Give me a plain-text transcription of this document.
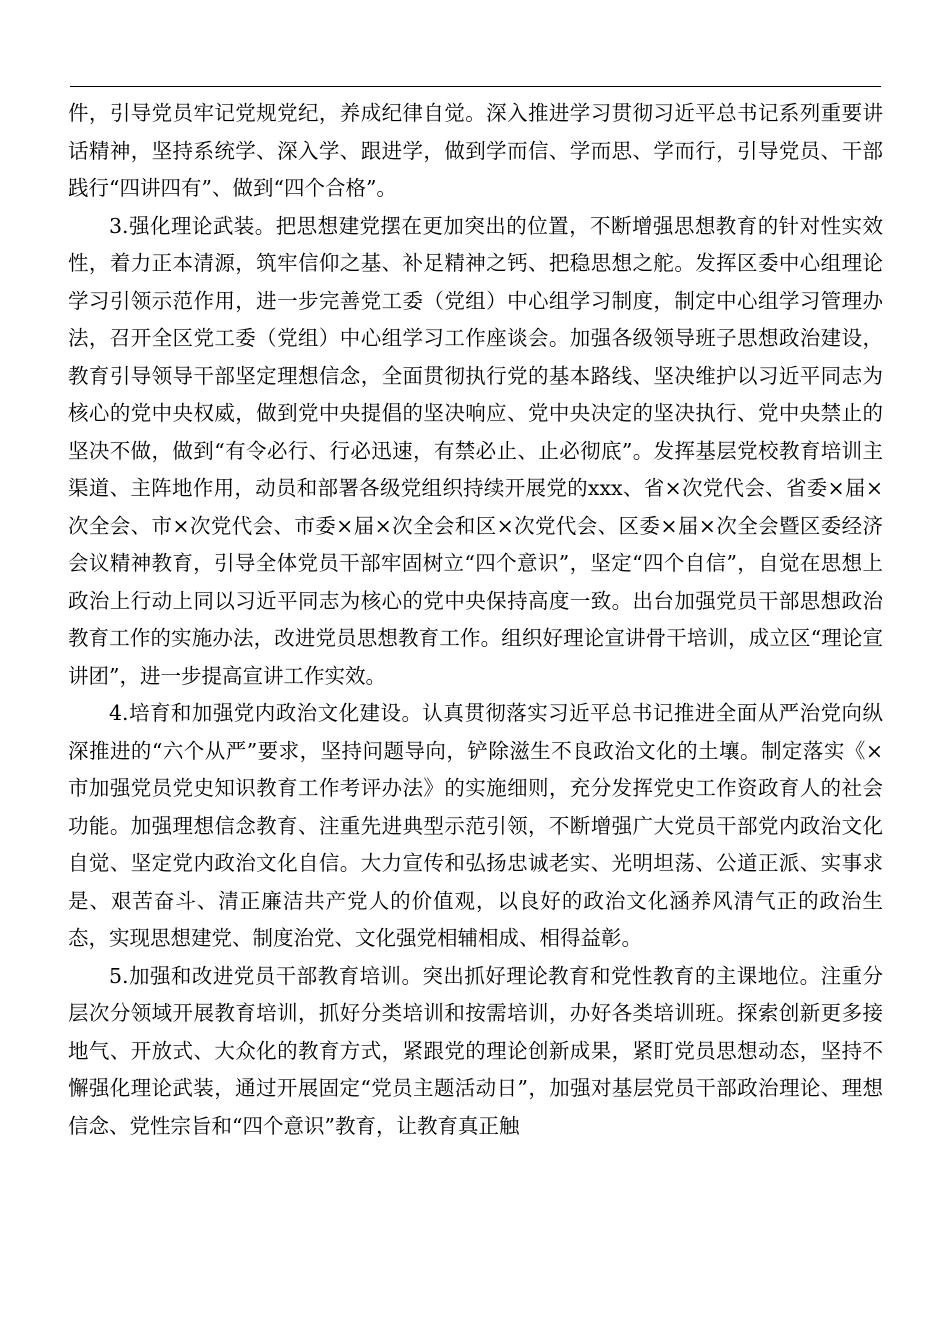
件，引导党员牢记党规党纪，养成纪律自觉。深入推进学习贯彻习近平总书记系列重要讲话精神，坚持系统学、深入学、跟进学，做到学而信、学而思、学而行，引导党员、干部践行“四讲四有”、做到“四个合格”。

3.强化理论武装。把思想建党摆在更加突出的位置，不断增强思想教育的针对性实效性，着力正本清源，筑牢信仰之基、补足精神之钙、把稳思想之舵。发挥区委中心组理论学习引领示范作用，进一步完善党工委（党组）中心组学习制度，制定中心组学习管理办法，召开全区党工委（党组）中心组学习工作座谈会。加强各级领导班子思想政治建设，教育引导领导干部坚定理想信念，全面贯彻执行党的基本路线、坚决维护以习近平同志为核心的党中央权威，做到党中央提倡的坚决响应、党中央决定的坚决执行、党中央禁止的坚决不做，做到“有令必行、行必迅速，有禁必止、止必彻底”。发挥基层党校教育培训主渠道、主阵地作用，动员和部署各级党组织持续开展党的xxx、省×次党代会、省委×届×次全会、市×次党代会、市委×届×次全会和区×次党代会、区委×届×次全会暨区委经济会议精神教育，引导全体党员干部牢固树立“四个意识”，坚定“四个自信”，自觉在思想上政治上行动上同以习近平同志为核心的党中央保持高度一致。出台加强党员干部思想政治教育工作的实施办法，改进党员思想教育工作。组织好理论宣讲骨干培训，成立区“理论宣讲团”，进一步提高宣讲工作实效。

4.培育和加强党内政治文化建设。认真贯彻落实习近平总书记推进全面从严治党向纵深推进的“六个从严”要求，坚持问题导向，铲除滋生不良政治文化的土壤。制定落实《×市加强党员党史知识教育工作考评办法》的实施细则，充分发挥党史工作资政育人的社会功能。加强理想信念教育、注重先进典型示范引领，不断增强广大党员干部党内政治文化自觉、坚定党内政治文化自信。大力宣传和弘扬忠诚老实、光明坦荡、公道正派、实事求是、艰苦奋斗、清正廉洁共产党人的价值观，以良好的政治文化涵养风清气正的政治生态，实现思想建党、制度治党、文化强党相辅相成、相得益彰。

5.加强和改进党员干部教育培训。突出抓好理论教育和党性教育的主课地位。注重分层次分领域开展教育培训，抓好分类培训和按需培训，办好各类培训班。探索创新更多接地气、开放式、大众化的教育方式，紧跟党的理论创新成果，紧盯党员思想动态，坚持不懈强化理论武装，通过开展固定“党员主题活动日”，加强对基层党员干部政治理论、理想信念、党性宗旨和“四个意识”教育，让教育真正触
